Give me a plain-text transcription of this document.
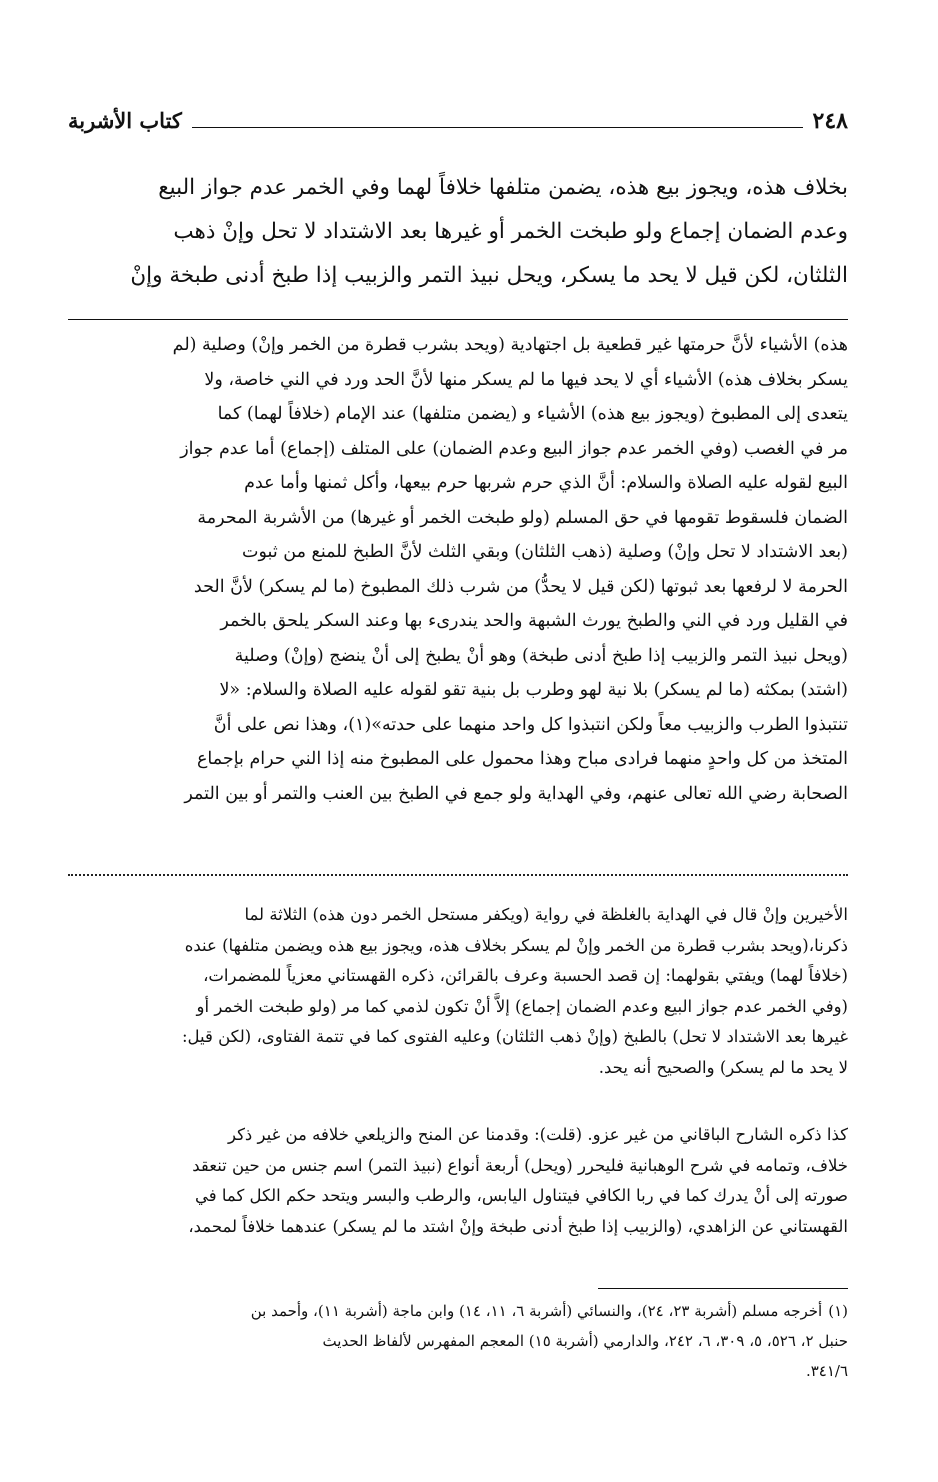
٢٤٨
كتاب الأشربة
بخلاف هذه، ويجوز بيع هذه، يضمن متلفها خلافاً لهما وفي الخمر عدم جواز البيع
وعدم الضمان إجماع ولو طبخت الخمر أو غيرها بعد الاشتداد لا تحل وإنْ ذهب
الثلثان، لكن قيل لا يحد ما يسكر، ويحل نبيذ التمر والزبيب إذا طبخ أدنى طبخة وإنْ
هذه) الأشياء لأنَّ حرمتها غير قطعية بل اجتهادية (ويحد بشرب قطرة من الخمر وإنْ) وصلية (لم
يسكر بخلاف هذه) الأشياء أي لا يحد فيها ما لم يسكر منها لأنَّ الحد ورد في الني خاصة، ولا
يتعدى إلى المطبوخ (ويجوز بيع هذه) الأشياء و (يضمن متلفها) عند الإمام (خلافاً لهما) كما
مر في الغصب (وفي الخمر عدم جواز البيع وعدم الضمان) على المتلف (إجماع) أما عدم جواز
البيع لقوله عليه الصلاة والسلام: أنَّ الذي حرم شربها حرم بيعها، وأكل ثمنها وأما عدم
الضمان فلسقوط تقومها في حق المسلم (ولو طبخت الخمر أو غيرها) من الأشربة المحرمة
(بعد الاشتداد لا تحل وإنْ) وصلية (ذهب الثلثان) وبقي الثلث لأنَّ الطبخ للمنع من ثبوت
الحرمة لا لرفعها بعد ثبوتها (لكن قيل لا يحدُّ) من شرب ذلك المطبوخ (ما لم يسكر) لأنَّ الحد
في القليل ورد في الني والطبخ يورث الشبهة والحد يندرىء بها وعند السكر يلحق بالخمر
(ويحل نبيذ التمر والزبيب إذا طبخ أدنى طبخة) وهو أنْ يطبخ إلى أنْ ينضج (وإنْ) وصلية
(اشتد) بمكثه (ما لم يسكر) بلا نية لهو وطرب بل بنية تقو لقوله عليه الصلاة والسلام: «لا
تنتبذوا الطرب والزبيب معاً ولكن انتبذوا كل واحد منهما على حدته»(١)، وهذا نص على أنَّ
المتخذ من كل واحدٍ منهما فرادى مباح وهذا محمول على المطبوخ منه إذا الني حرام بإجماع
الصحابة رضي الله تعالى عنهم، وفي الهداية ولو جمع في الطبخ بين العنب والتمر أو بين التمر
الأخيرين وإنْ قال في الهداية بالغلظة في رواية (ويكفر مستحل الخمر دون هذه) الثلاثة لما
ذكرنا،(ويحد بشرب قطرة من الخمر وإنْ لم يسكر بخلاف هذه، ويجوز بيع هذه ويضمن متلفها) عنده
(خلافاً لهما) ويفتي بقولهما: إن قصد الحسبة وعرف بالقرائن، ذكره القهستاني معزياً للمضمرات،
(وفي الخمر عدم جواز البيع وعدم الضمان إجماع) إلاَّ أنْ تكون لذمي كما مر (ولو طبخت الخمر أو
غيرها بعد الاشتداد لا تحل) بالطبخ (وإنْ ذهب الثلثان) وعليه الفتوى كما في تتمة الفتاوى، (لكن قيل:
لا يحد ما لم يسكر) والصحيح أنه يحد.
كذا ذكره الشارح الباقاني من غير عزو. (قلت): وقدمنا عن المنح والزيلعي خلافه من غير ذكر
خلاف، وتمامه في شرح الوهبانية فليحرر (ويحل) أربعة أنواع (نبيذ التمر) اسم جنس من حين تنعقد
صورته إلى أنْ يدرك كما في ربا الكافي فيتناول اليابس، والرطب والبسر ويتحد حكم الكل كما في
القهستاني عن الزاهدي، (والزبيب إذا طبخ أدنى طبخة وإنْ اشتد ما لم يسكر) عندهما خلافاً لمحمد،
(١)أخرجه مسلم (أشربة ٢٣، ٢٤)، والنسائي (أشربة ٦، ١١، ١٤) وابن ماجة (أشربة ١١)، وأحمد بن
حنبل ٢، ٥٢٦، ٥، ٣٠٩، ٦، ٢٤٢، والدارمي (أشربة ١٥) المعجم المفهرس لألفاظ الحديث
٣٤١/٦.
